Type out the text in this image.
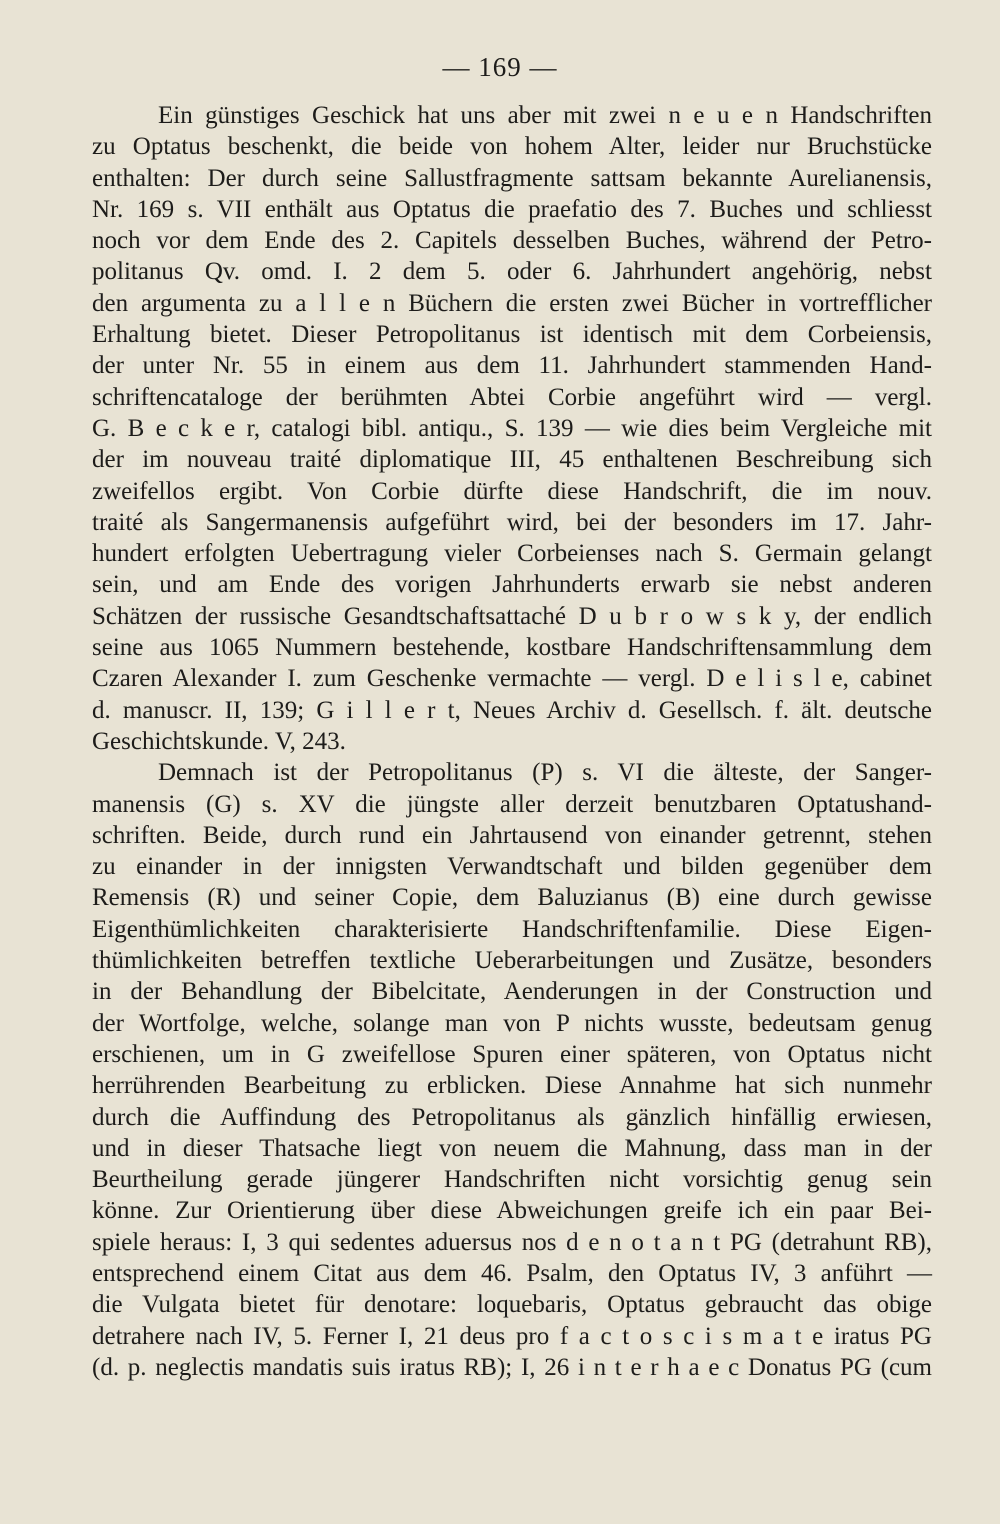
— 169 —
Ein günstiges Geschick hat uns aber mit zwei n e u e n Handschriften
zu Optatus beschenkt, die beide von hohem Alter, leider nur Bruchstücke
enthalten: Der durch seine Sallustfragmente sattsam bekannte Aurelianensis,
Nr. 169 s. VII enthält aus Optatus die praefatio des 7. Buches und schliesst
noch vor dem Ende des 2. Capitels desselben Buches, während der Petro-
politanus Qv. omd. I. 2 dem 5. oder 6. Jahrhundert angehörig, nebst
den argumenta zu a l l e n Büchern die ersten zwei Bücher in vortrefflicher
Erhaltung bietet. Dieser Petropolitanus ist identisch mit dem Corbeiensis,
der unter Nr. 55 in einem aus dem 11. Jahrhundert stammenden Hand-
schriftencataloge der berühmten Abtei Corbie angeführt wird — vergl.
G. B e c k e r, catalogi bibl. antiqu., S. 139 — wie dies beim Vergleiche mit
der im nouveau traité diplomatique III, 45 enthaltenen Beschreibung sich
zweifellos ergibt. Von Corbie dürfte diese Handschrift, die im nouv.
traité als Sangermanensis aufgeführt wird, bei der besonders im 17. Jahr-
hundert erfolgten Uebertragung vieler Corbeienses nach S. Germain gelangt
sein, und am Ende des vorigen Jahrhunderts erwarb sie nebst anderen
Schätzen der russische Gesandtschaftsattaché D u b r o w s k y, der endlich
seine aus 1065 Nummern bestehende, kostbare Handschriftensammlung dem
Czaren Alexander I. zum Geschenke vermachte — vergl. D e l i s l e, cabinet
d. manuscr. II, 139; G i l l e r t, Neues Archiv d. Gesellsch. f. ält. deutsche
Geschichtskunde. V, 243.
Demnach ist der Petropolitanus (P) s. VI die älteste, der Sanger-
manensis (G) s. XV die jüngste aller derzeit benutzbaren Optatushand-
schriften. Beide, durch rund ein Jahrtausend von einander getrennt, stehen
zu einander in der innigsten Verwandtschaft und bilden gegenüber dem
Remensis (R) und seiner Copie, dem Baluzianus (B) eine durch gewisse
Eigenthümlichkeiten charakterisierte Handschriftenfamilie. Diese Eigen-
thümlichkeiten betreffen textliche Ueberarbeitungen und Zusätze, besonders
in der Behandlung der Bibelcitate, Aenderungen in der Construction und
der Wortfolge, welche, solange man von P nichts wusste, bedeutsam genug
erschienen, um in G zweifellose Spuren einer späteren, von Optatus nicht
herrührenden Bearbeitung zu erblicken. Diese Annahme hat sich nunmehr
durch die Auffindung des Petropolitanus als gänzlich hinfällig erwiesen,
und in dieser Thatsache liegt von neuem die Mahnung, dass man in der
Beurtheilung gerade jüngerer Handschriften nicht vorsichtig genug sein
könne. Zur Orientierung über diese Abweichungen greife ich ein paar Bei-
spiele heraus: I, 3 qui sedentes aduersus nos d e n o t a n t PG (detrahunt RB),
entsprechend einem Citat aus dem 46. Psalm, den Optatus IV, 3 anführt —
die Vulgata bietet für denotare: loquebaris, Optatus gebraucht das obige
detrahere nach IV, 5. Ferner I, 21 deus pro f a c t o s c i s m a t e iratus PG
(d. p. neglectis mandatis suis iratus RB); I, 26 i n t e r h a e c Donatus PG (cum
